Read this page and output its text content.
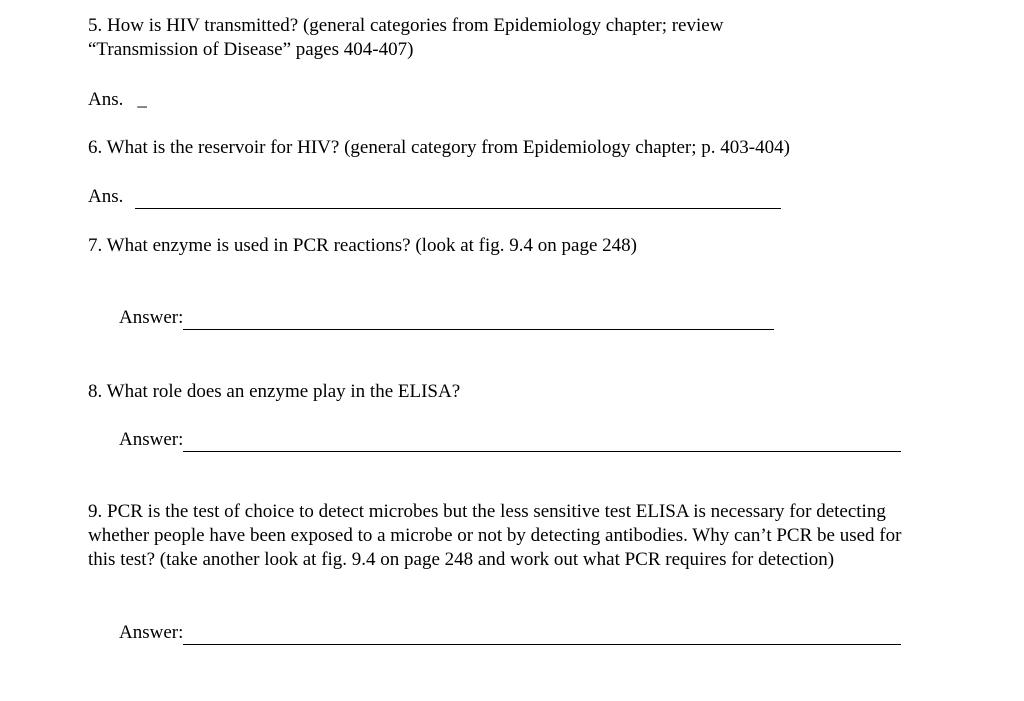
5. How is HIV transmitted? (general categories from Epidemiology chapter; review
“Transmission of Disease” pages 404-407)
Ans. _
6. What is the reservoir for HIV? (general category from Epidemiology chapter; p. 403-404)
Ans.
7. What enzyme is used in PCR reactions? (look at fig. 9.4 on page 248)
Answer:
8. What role does an enzyme play in the ELISA?
Answer:
9. PCR is the test of choice to detect microbes but the less sensitive test ELISA is necessary for detecting whether people have been exposed to a microbe or not by detecting antibodies. Why can’t PCR be used for this test? (take another look at fig. 9.4 on page 248 and work out what PCR requires for detection)
Answer:
